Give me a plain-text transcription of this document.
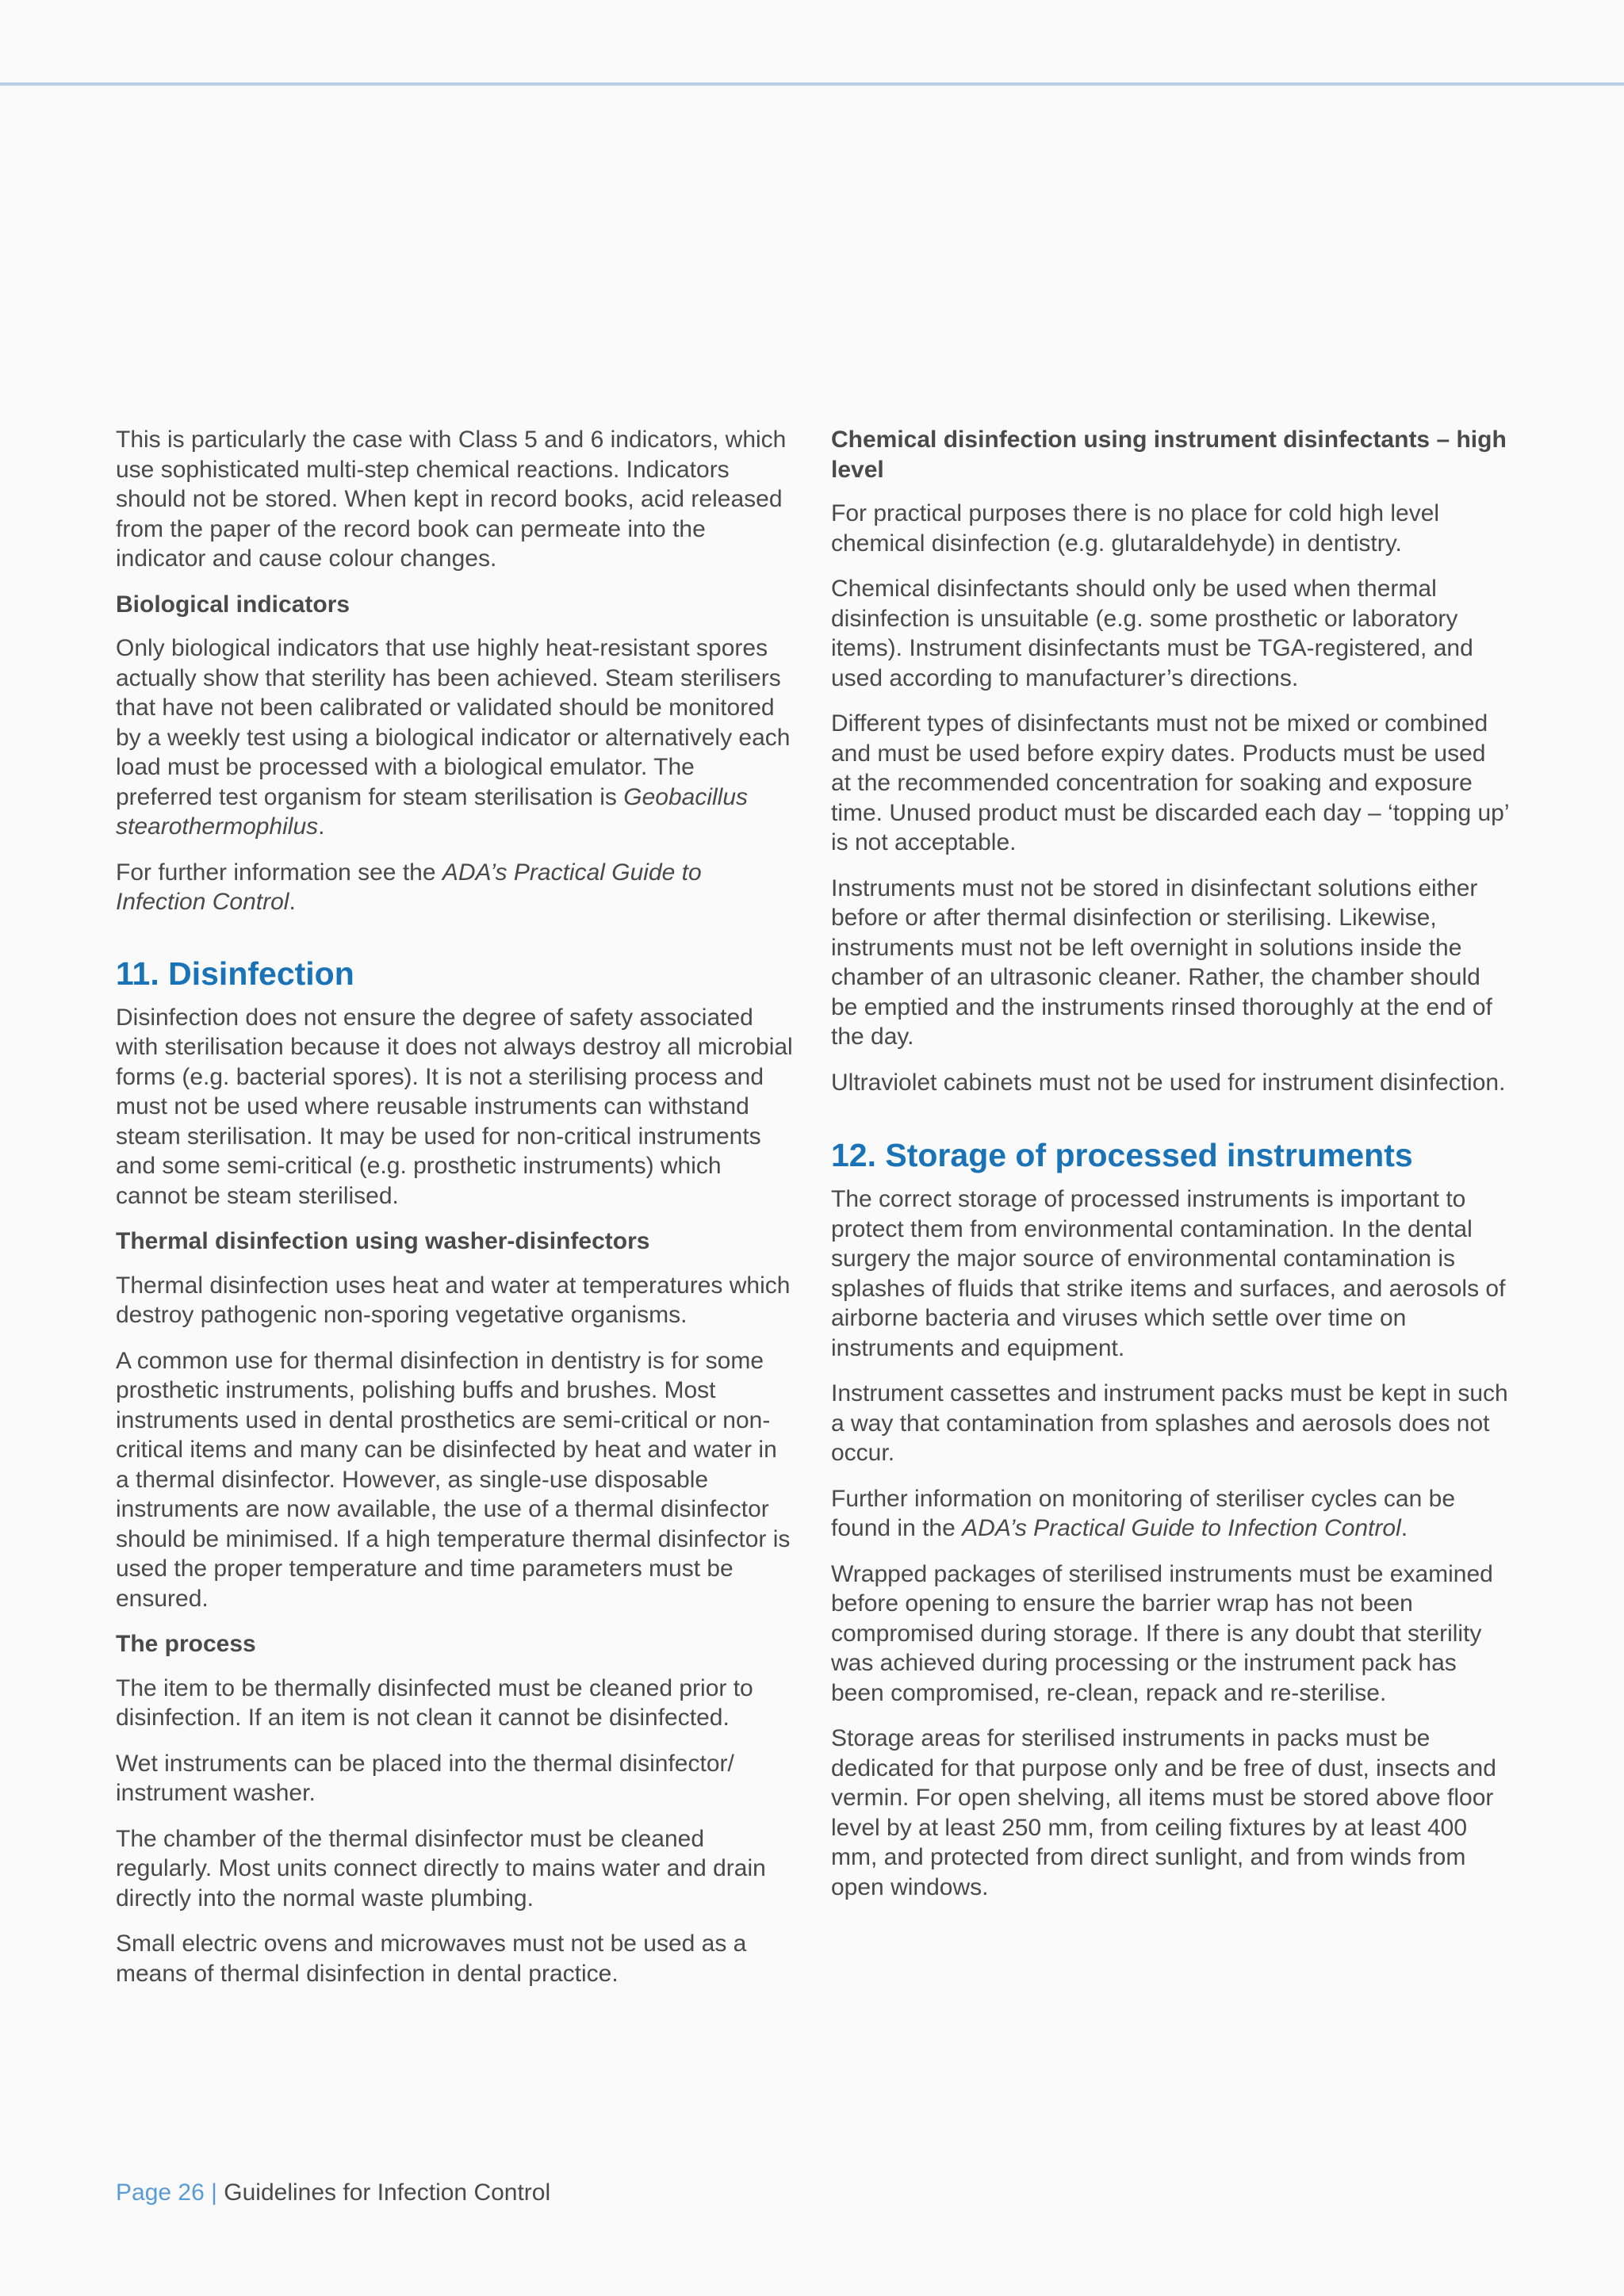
This is particularly the case with Class 5 and 6 indicators, which use sophisticated multi-step chemical reactions. Indicators should not be stored. When kept in record books, acid released from the paper of the record book can permeate into the indicator and cause colour changes.

Biological indicators

Only biological indicators that use highly heat-resistant spores actually show that sterility has been achieved. Steam sterilisers that have not been calibrated or validated should be monitored by a weekly test using a biological indicator or alternatively each load must be processed with a biological emulator. The preferred test organism for steam sterilisation is Geobacillus stearothermophilus.

For further information see the ADA’s Practical Guide to Infection Control.

11. Disinfection

Disinfection does not ensure the degree of safety associated with sterilisation because it does not always destroy all microbial forms (e.g. bacterial spores). It is not a sterilising process and must not be used where reusable instruments can withstand steam sterilisation. It may be used for non-critical instruments and some semi-critical (e.g. prosthetic instruments) which cannot be steam sterilised.

Thermal disinfection using washer-disinfectors

Thermal disinfection uses heat and water at temperatures which destroy pathogenic non-sporing vegetative organisms.

A common use for thermal disinfection in dentistry is for some prosthetic instruments, polishing buffs and brushes. Most instruments used in dental prosthetics are semi-critical or non-critical items and many can be disinfected by heat and water in a thermal disinfector. However, as single-use disposable instruments are now available, the use of a thermal disinfector should be minimised. If a high temperature thermal disinfector is used the proper temperature and time parameters must be ensured.

The process

The item to be thermally disinfected must be cleaned prior to disinfection. If an item is not clean it cannot be disinfected.

Wet instruments can be placed into the thermal disinfector/ instrument washer.

The chamber of the thermal disinfector must be cleaned regularly. Most units connect directly to mains water and drain directly into the normal waste plumbing.

Small electric ovens and microwaves must not be used as a means of thermal disinfection in dental practice.

Chemical disinfection using instrument disinfectants – high level

For practical purposes there is no place for cold high level chemical disinfection (e.g. glutaraldehyde) in dentistry.

Chemical disinfectants should only be used when thermal disinfection is unsuitable (e.g. some prosthetic or laboratory items). Instrument disinfectants must be TGA-registered, and used according to manufacturer’s directions.

Different types of disinfectants must not be mixed or combined and must be used before expiry dates. Products must be used at the recommended concentration for soaking and exposure time. Unused product must be discarded each day – ‘topping up’ is not acceptable.

Instruments must not be stored in disinfectant solutions either before or after thermal disinfection or sterilising. Likewise, instruments must not be left overnight in solutions inside the chamber of an ultrasonic cleaner. Rather, the chamber should be emptied and the instruments rinsed thoroughly at the end of the day.

Ultraviolet cabinets must not be used for instrument disinfection.

12. Storage of processed instruments

The correct storage of processed instruments is important to protect them from environmental contamination. In the dental surgery the major source of environmental contamination is splashes of fluids that strike items and surfaces, and aerosols of airborne bacteria and viruses which settle over time on instruments and equipment.

Instrument cassettes and instrument packs must be kept in such a way that contamination from splashes and aerosols does not occur.

Further information on monitoring of steriliser cycles can be found in the ADA’s Practical Guide to Infection Control.

Wrapped packages of sterilised instruments must be examined before opening to ensure the barrier wrap has not been compromised during storage. If there is any doubt that sterility was achieved during processing or the instrument pack has been compromised, re-clean, repack and re-sterilise.

Storage areas for sterilised instruments in packs must be dedicated for that purpose only and be free of dust, insects and vermin. For open shelving, all items must be stored above floor level by at least 250 mm, from ceiling fixtures by at least 400 mm, and protected from direct sunlight, and from winds from open windows.

Page 26 | Guidelines for Infection Control
